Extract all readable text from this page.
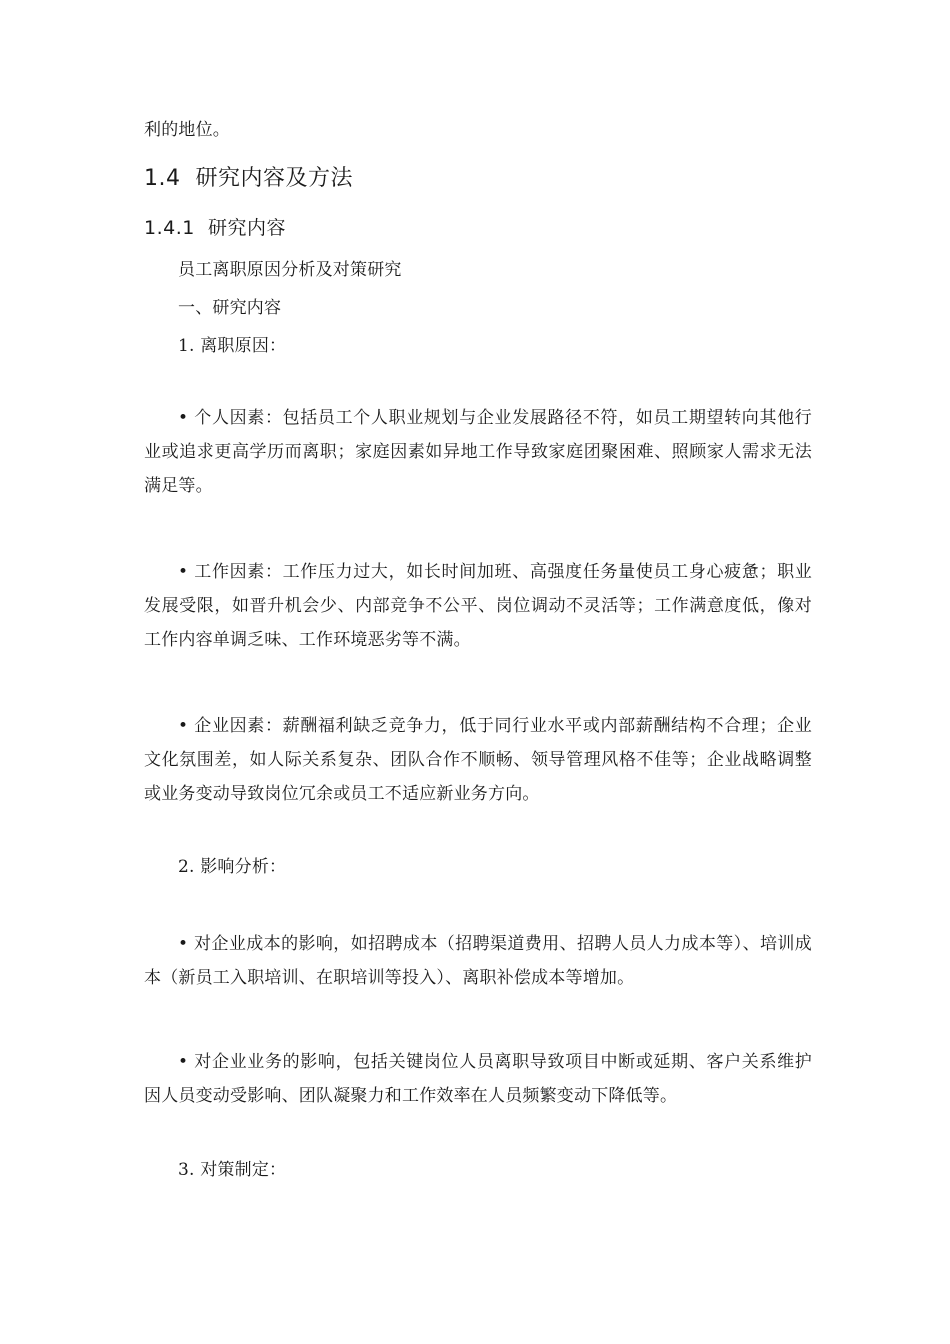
利的地位。

1.4 研究内容及方法
1.4.1 研究内容

员工离职原因分析及对策研究

一、研究内容

1. 离职原因：

• 个人因素：包括员工个人职业规划与企业发展路径不符，如员工期望转向其他行业或追求更高学历而离职；家庭因素如异地工作导致家庭团聚困难、照顾家人需求无法满足等。

• 工作因素：工作压力过大，如长时间加班、高强度任务量使员工身心疲惫；职业发展受限，如晋升机会少、内部竞争不公平、岗位调动不灵活等；工作满意度低，像对工作内容单调乏味、工作环境恶劣等不满。

• 企业因素：薪酬福利缺乏竞争力，低于同行业水平或内部薪酬结构不合理；企业文化氛围差，如人际关系复杂、团队合作不顺畅、领导管理风格不佳等；企业战略调整或业务变动导致岗位冗余或员工不适应新业务方向。

2. 影响分析：

• 对企业成本的影响，如招聘成本（招聘渠道费用、招聘人员人力成本等）、培训成本（新员工入职培训、在职培训等投入）、离职补偿成本等增加。

• 对企业业务的影响，包括关键岗位人员离职导致项目中断或延期、客户关系维护因人员变动受影响、团队凝聚力和工作效率在人员频繁变动下降低等。

3. 对策制定：
